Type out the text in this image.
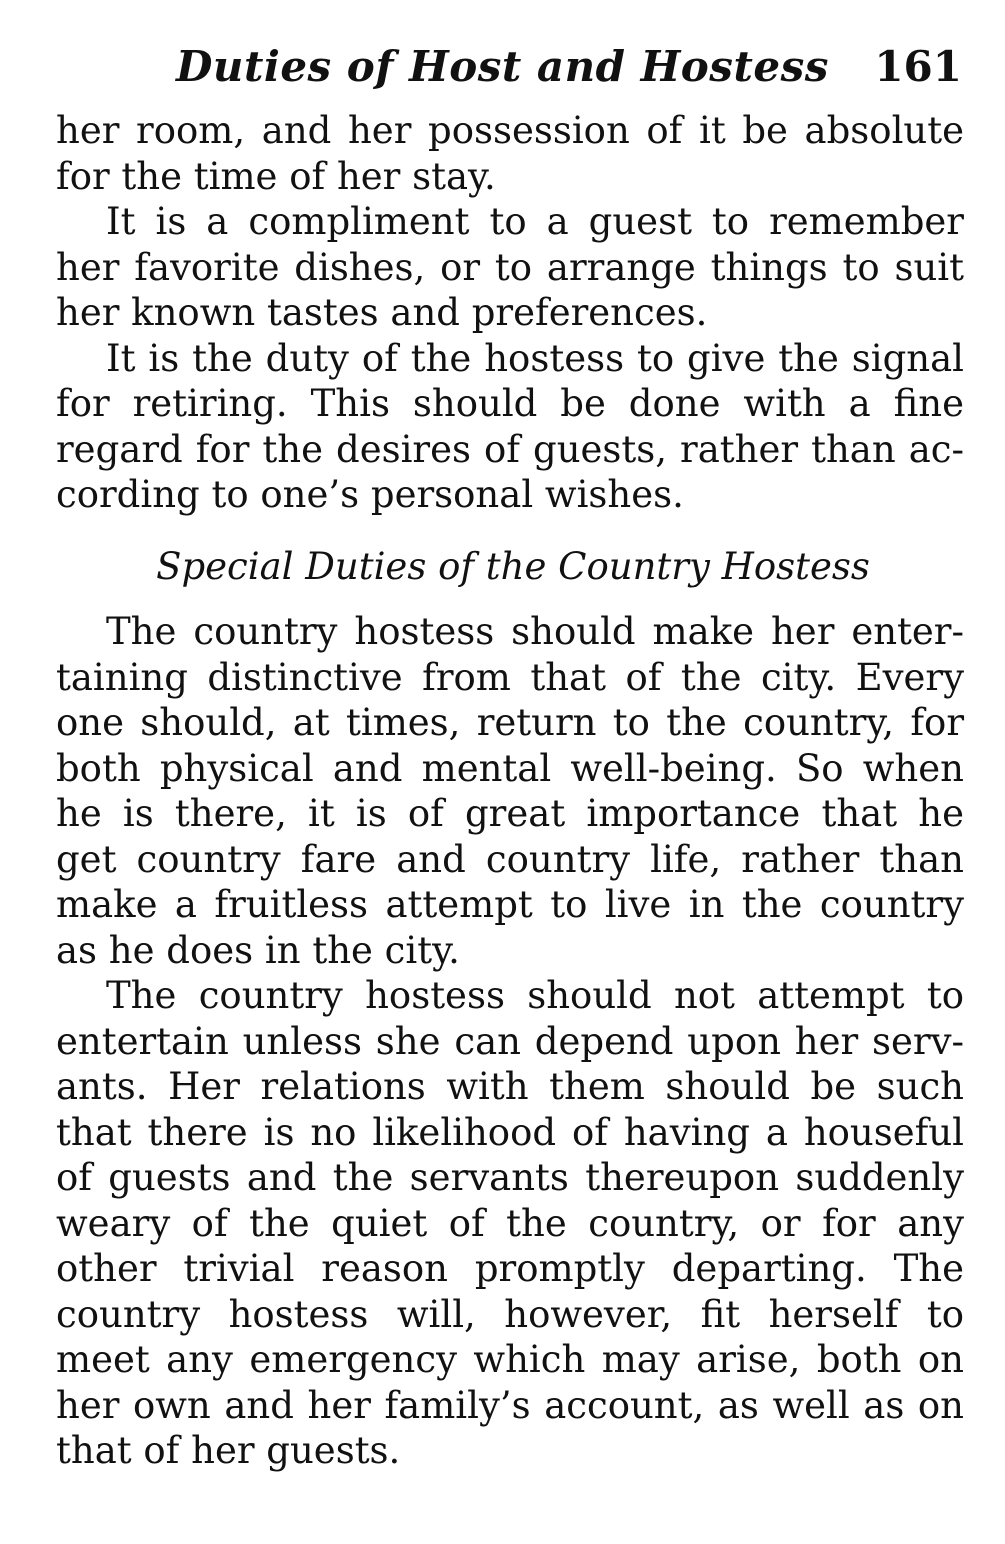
Duties of Host and Hostess 161
her room, and her possession of it be absolute
for the time of her stay.
It is a compliment to a guest to remember
her favorite dishes, or to arrange things to suit
her known tastes and preferences.
It is the duty of the hostess to give the signal
for retiring. This should be done with a fine
regard for the desires of guests, rather than ac-
cording to one’s personal wishes.
Special Duties of the Country Hostess
The country hostess should make her enter-
taining distinctive from that of the city. Every
one should, at times, return to the country, for
both physical and mental well-being. So when
he is there, it is of great importance that he
get country fare and country life, rather than
make a fruitless attempt to live in the country
as he does in the city.
The country hostess should not attempt to
entertain unless she can depend upon her serv-
ants. Her relations with them should be such
that there is no likelihood of having a houseful
of guests and the servants thereupon suddenly
weary of the quiet of the country, or for any
other trivial reason promptly departing. The
country hostess will, however, fit herself to
meet any emergency which may arise, both on
her own and her family’s account, as well as on
that of her guests.
